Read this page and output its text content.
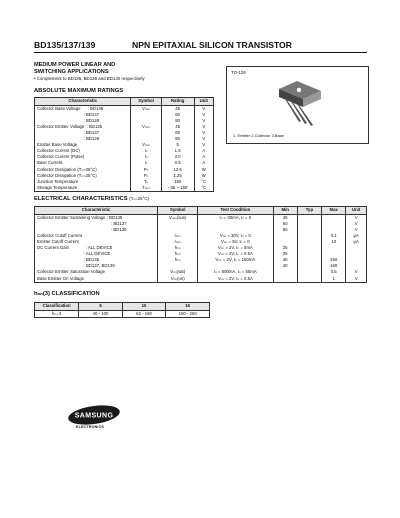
BD135/137/139	NPN EPITAXIAL SILICON TRANSISTOR
MEDIUM POWER LINEAR AND
SWITCHING APPLICATIONS
• Complement to BD136, BD138 and BD140 respectively
TO-126
1. Emitter 2.Collector 3.Base
ABSOLUTE MAXIMUM RATINGS
Characteristic	Symbol	Rating	Unit
Collector Base Voltage      : BD135	Vₙₙₙ	45	V
: BD137		60	V
: BD139		80	V
Collector Emitter Voltage  : BD135	Vₙₙₙ	45	V
: BD137		60	V
: BD139		80	V
Emitter Base Voltage	Vₙₙₙ	5	V
Collector Current (DC)	Iₙ	1.5	A
Collector Current (Pulse)	Iₙ	3.0	A
Base Current	Iₙ	0.5	A
Collector Dissipation (Tₙ=25°C)	Pₙ	12.5	W
Collector Dissipation (Tₙ=25°C)	Pₙ	1.25	W
Junction Temperature	Tₙ	150	°C
Storage Temperature	Tₙₙₙ	- 55 ~ 150	°C
ELECTRICAL CHARACTERISTICS (Tₙ=25°C)
Characteristic	Symbol	Test Condition	Min	Typ	Max	Unit
Collector Emitter Sustaining Voltage : BD135	Vₙₙₙ(sus)	Iₙ = 30mA, Iₙ = 0	45			V
: BD137			60			V
: BD139			80			V
Collector Cutoff Current	Iₙₙₙ	Vₙₙ = 30V, Iₙ = 0			0.1	µA
Emitter Cutoff Current	Iₙₙₙ	Vₙₙ = 5V, Iₙ = 0			10	µA
DC Current Gain              : ALL DEVICE	hₙₙ	Vₙₙ = 2V, Iₙ = 5mA	25			
: ALL DEVICE	hₙₙ	Vₙₙ = 2V, Iₙ = 0.5A	25			
: BD135	hₙₙ	Vₙₙ = 2V, Iₙ = 150mA	40		250	
: BD137, BD139			40		160	
Collector Emitter Saturation Voltage	Vₙₙ(sat)	Iₙ = 500mA, Iₙ = 50mA			0.5	V
Base Emitter On Voltage	Vₙₙ(on)	Vₙₙ = 2V, Iₙ = 0.5A			1	V
hₙₙ(3) CLASSIFICATION
Classification	6	10	16
hₙₙ 3	40 - 100	63 - 160	100 - 250
SAMSUNG
ELECTRONICS
